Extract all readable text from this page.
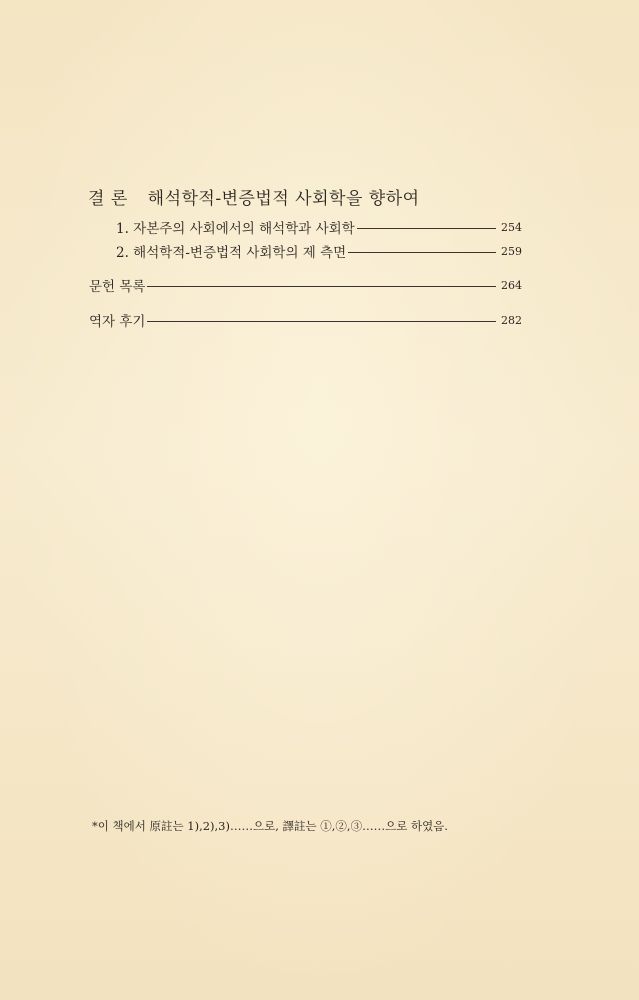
결 론 해석학적-변증법적 사회학을 향하여
1. 자본주의 사회에서의 해석학과 사회학	254
2. 해석학적-변증법적 사회학의 제 측면	259
문헌 목록	264
역자 후기	282
*이 책에서 原註는 1),2),3)……으로, 譯註는 ①,②,③……으로 하였음.
